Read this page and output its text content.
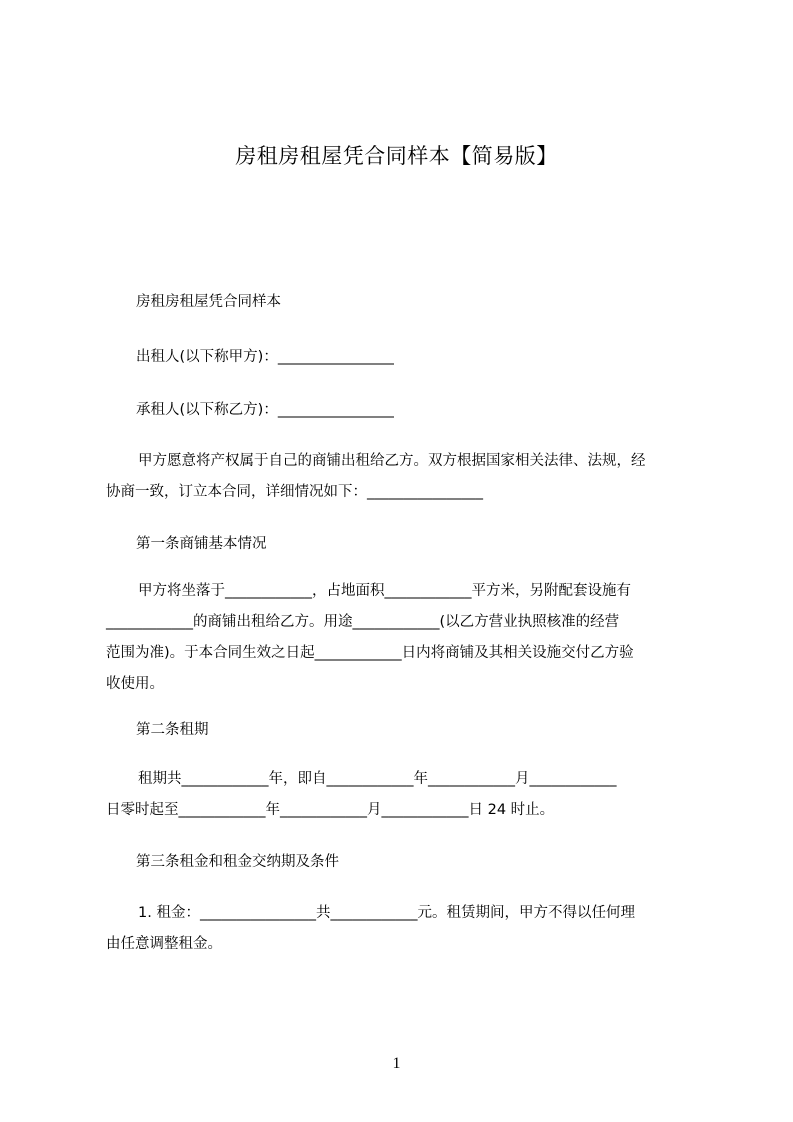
房租房租屋凭合同样本【简易版】
房租房租屋凭合同样本
出租人(以下称甲方)：________________
承租人(以下称乙方)：________________
甲方愿意将产权属于自己的商铺出租给乙方。双方根据国家相关法律、法规，经
协商一致，订立本合同，详细情况如下：________________
第一条商铺基本情况
甲方将坐落于____________，占地面积____________平方米，另附配套设施有
____________的商铺出租给乙方。用途____________(以乙方营业执照核准的经营
范围为准)。于本合同生效之日起____________日内将商铺及其相关设施交付乙方验
收使用。
第二条租期
租期共____________年，即自____________年____________月____________
日零时起至____________年____________月____________日 24 时止。
第三条租金和租金交纳期及条件
1. 租金：________________共____________元。租赁期间，甲方不得以任何理
由任意调整租金。
1
